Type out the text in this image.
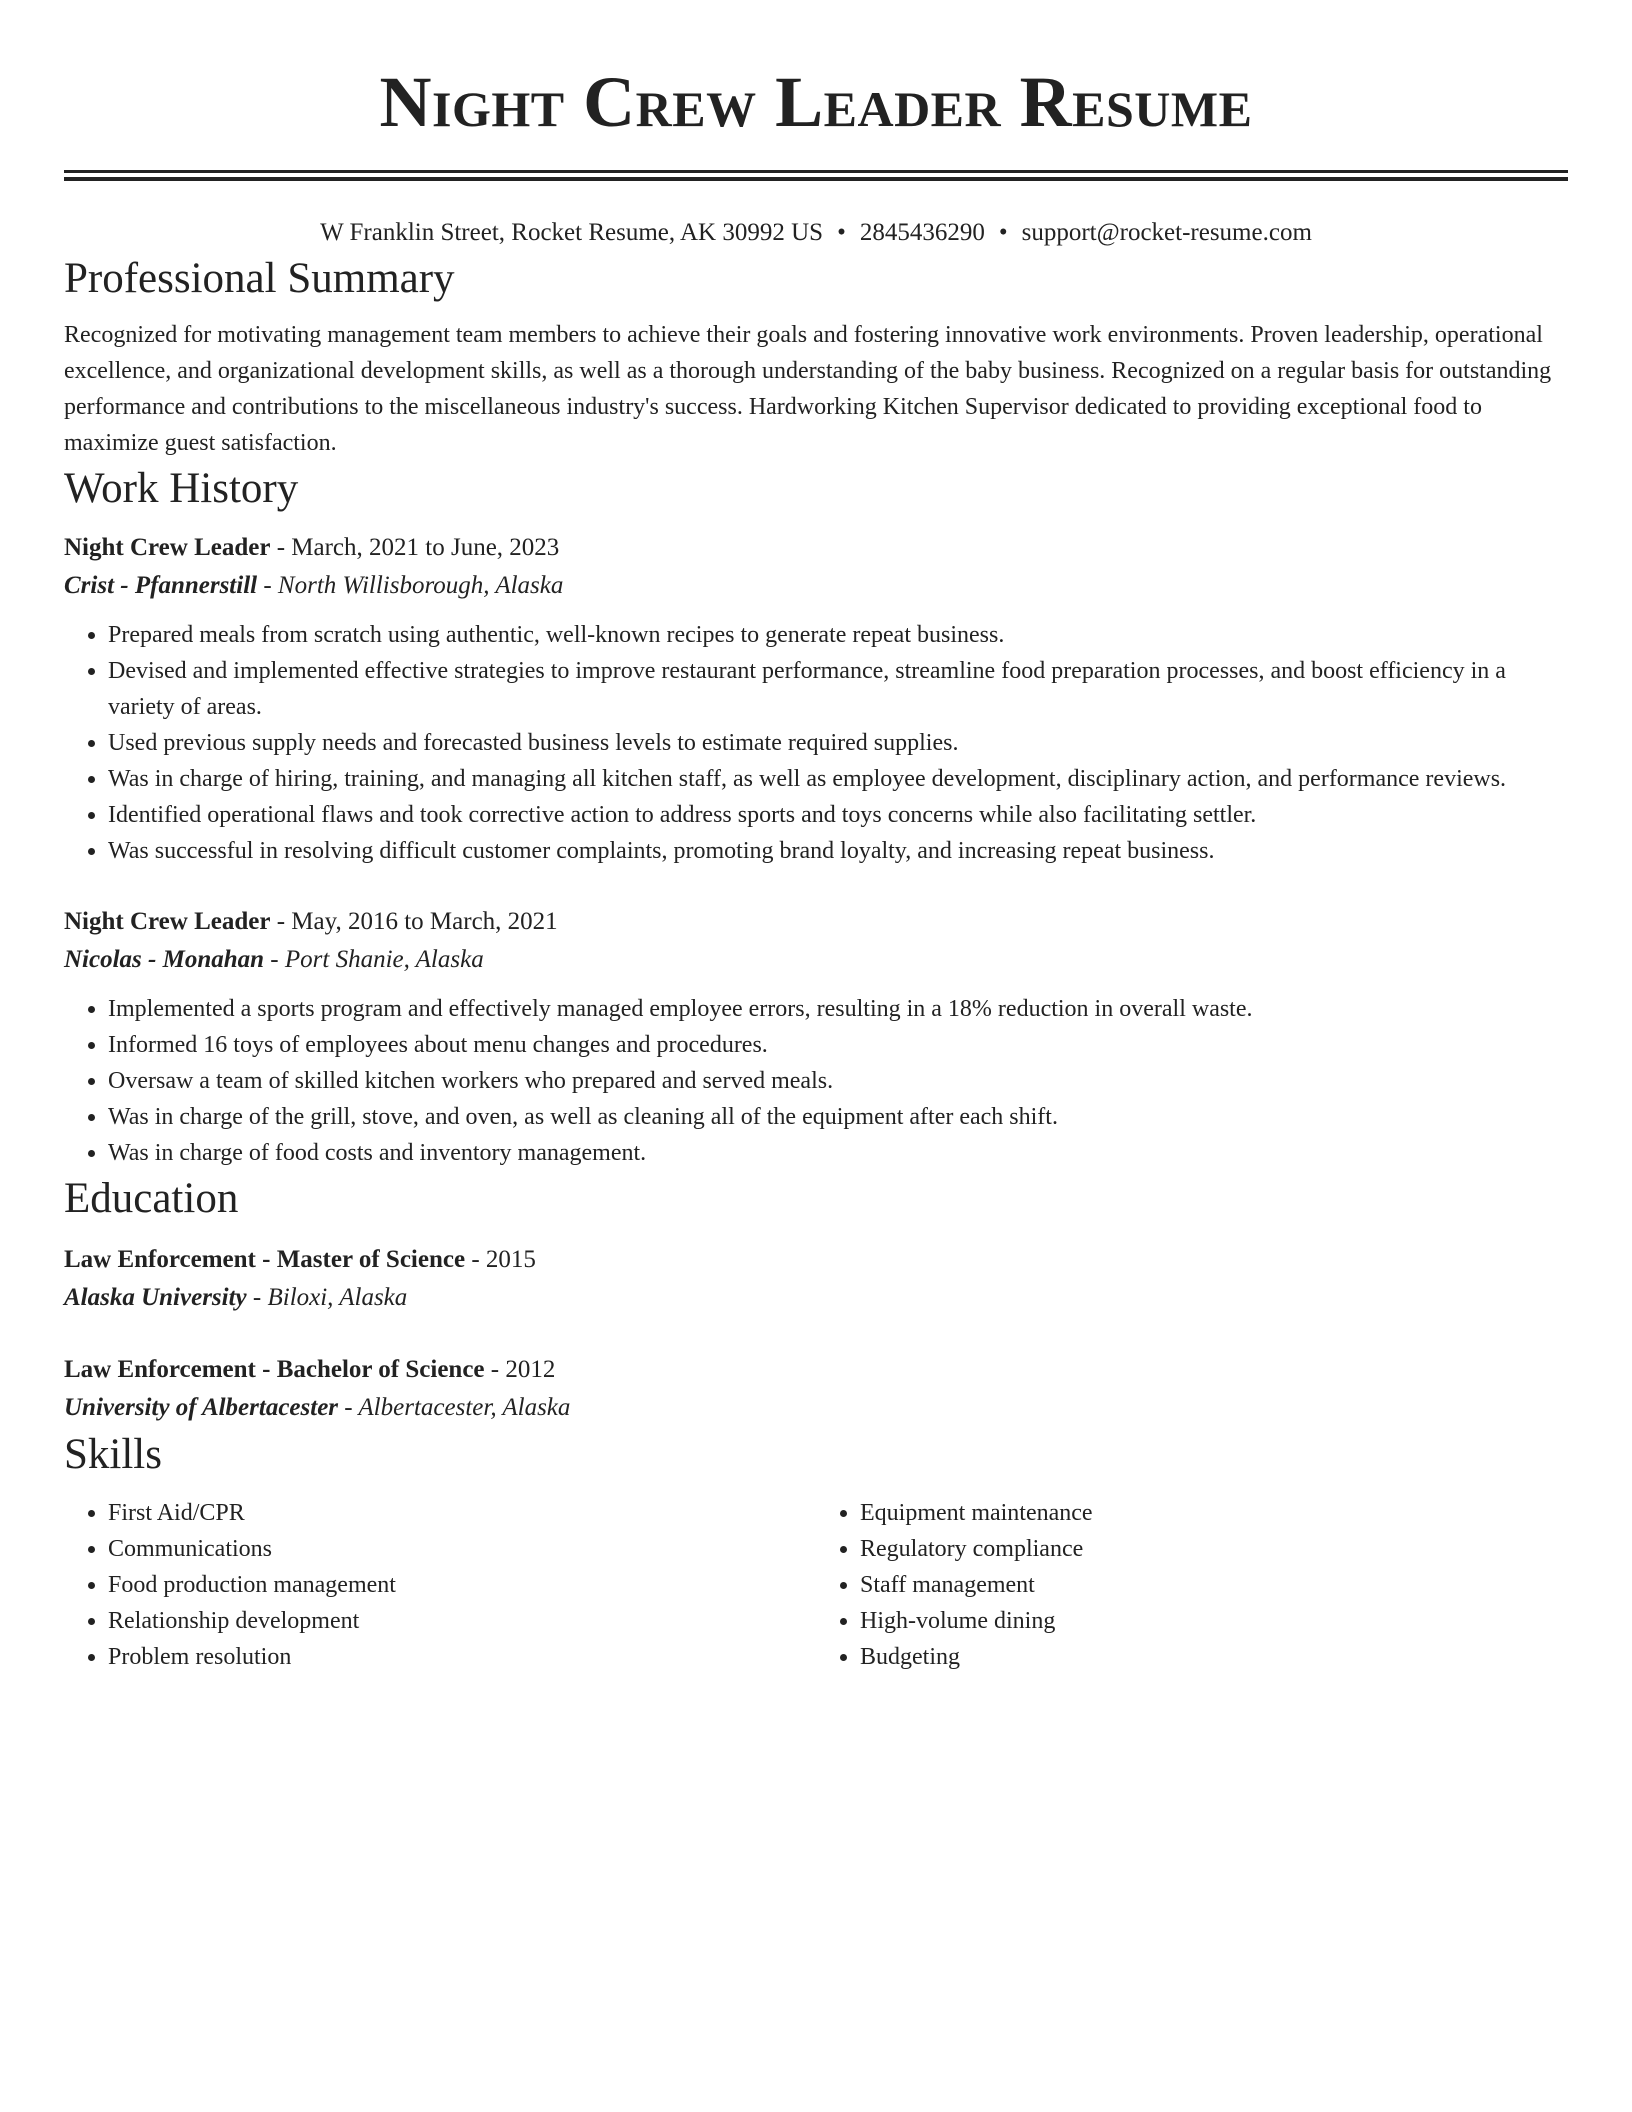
Night Crew Leader Resume
W Franklin Street, Rocket Resume, AK 30992 US • 2845436290 • support@rocket-resume.com
Professional Summary
Recognized for motivating management team members to achieve their goals and fostering innovative work environments. Proven leadership, operational excellence, and organizational development skills, as well as a thorough understanding of the baby business. Recognized on a regular basis for outstanding performance and contributions to the miscellaneous industry's success. Hardworking Kitchen Supervisor dedicated to providing exceptional food to maximize guest satisfaction.
Work History
Night Crew Leader - March, 2021 to June, 2023
Crist - Pfannerstill - North Willisborough, Alaska
• Prepared meals from scratch using authentic, well-known recipes to generate repeat business.
• Devised and implemented effective strategies to improve restaurant performance, streamline food preparation processes, and boost efficiency in a variety of areas.
• Used previous supply needs and forecasted business levels to estimate required supplies.
• Was in charge of hiring, training, and managing all kitchen staff, as well as employee development, disciplinary action, and performance reviews.
• Identified operational flaws and took corrective action to address sports and toys concerns while also facilitating settler.
• Was successful in resolving difficult customer complaints, promoting brand loyalty, and increasing repeat business.
Night Crew Leader - May, 2016 to March, 2021
Nicolas - Monahan - Port Shanie, Alaska
• Implemented a sports program and effectively managed employee errors, resulting in a 18% reduction in overall waste.
• Informed 16 toys of employees about menu changes and procedures.
• Oversaw a team of skilled kitchen workers who prepared and served meals.
• Was in charge of the grill, stove, and oven, as well as cleaning all of the equipment after each shift.
• Was in charge of food costs and inventory management.
Education
Law Enforcement - Master of Science - 2015
Alaska University - Biloxi, Alaska
Law Enforcement - Bachelor of Science - 2012
University of Albertacester - Albertacester, Alaska
Skills
• First Aid/CPR
• Communications
• Food production management
• Relationship development
• Problem resolution
• Equipment maintenance
• Regulatory compliance
• Staff management
• High-volume dining
• Budgeting
